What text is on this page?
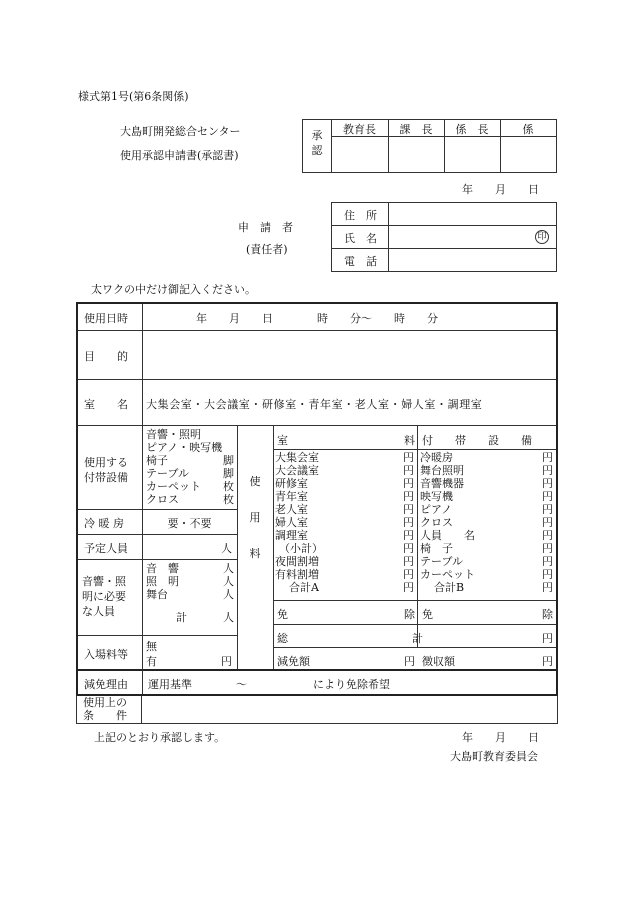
様式第1号(第6条関係)
大島町開発総合センター
使用承認申請書(承認書)
承
認
教育長	課　長	係　長	係
年　　月　　日
申　請　者
(責任者)
住　所
氏　名
電　話
印
太ワクの中だけ御記入ください。
使用日時	年　　月　　日　　　　時　　分〜　　時　　分
目　　的
室　　名 大集会室・大会議室・研修室・青年室・老人室・婦人室・調理室
使用する
付帯設備
音響・照明
ピアノ・映写機
椅子	脚
テーブル	脚
カーペット 枚
クロス	枚
冷 暖 房	要・不要
予定人員	人
音響・照
明に必要
な人員
音　響	人
照　明	人
舞台	人
計	人
入場料等
無
有	円
使
用
料
室	料
大集会室	円
大会議室	円
研修室	円
青年室	円
老人室	円
婦人室	円
調理室	円
（小計）	円
夜間割増	円
有料割増	円
合計A	円
付　　帯　　設　　備
冷暖房	円
舞台照明	円
音響機器	円
映写機	円
ピアノ	円
クロス	円
人員　　名	円
椅　子	円
テーブル	円
カーペット	円
合計B	円
免	除 免	除
総	計	円
減免額	円 徴収額	円
減免理由 運用基準　　　　〜　　　　　　により免除希望
使用上の
条　　件
上記のとおり承認します。	年　　月　　日
大島町教育委員会
